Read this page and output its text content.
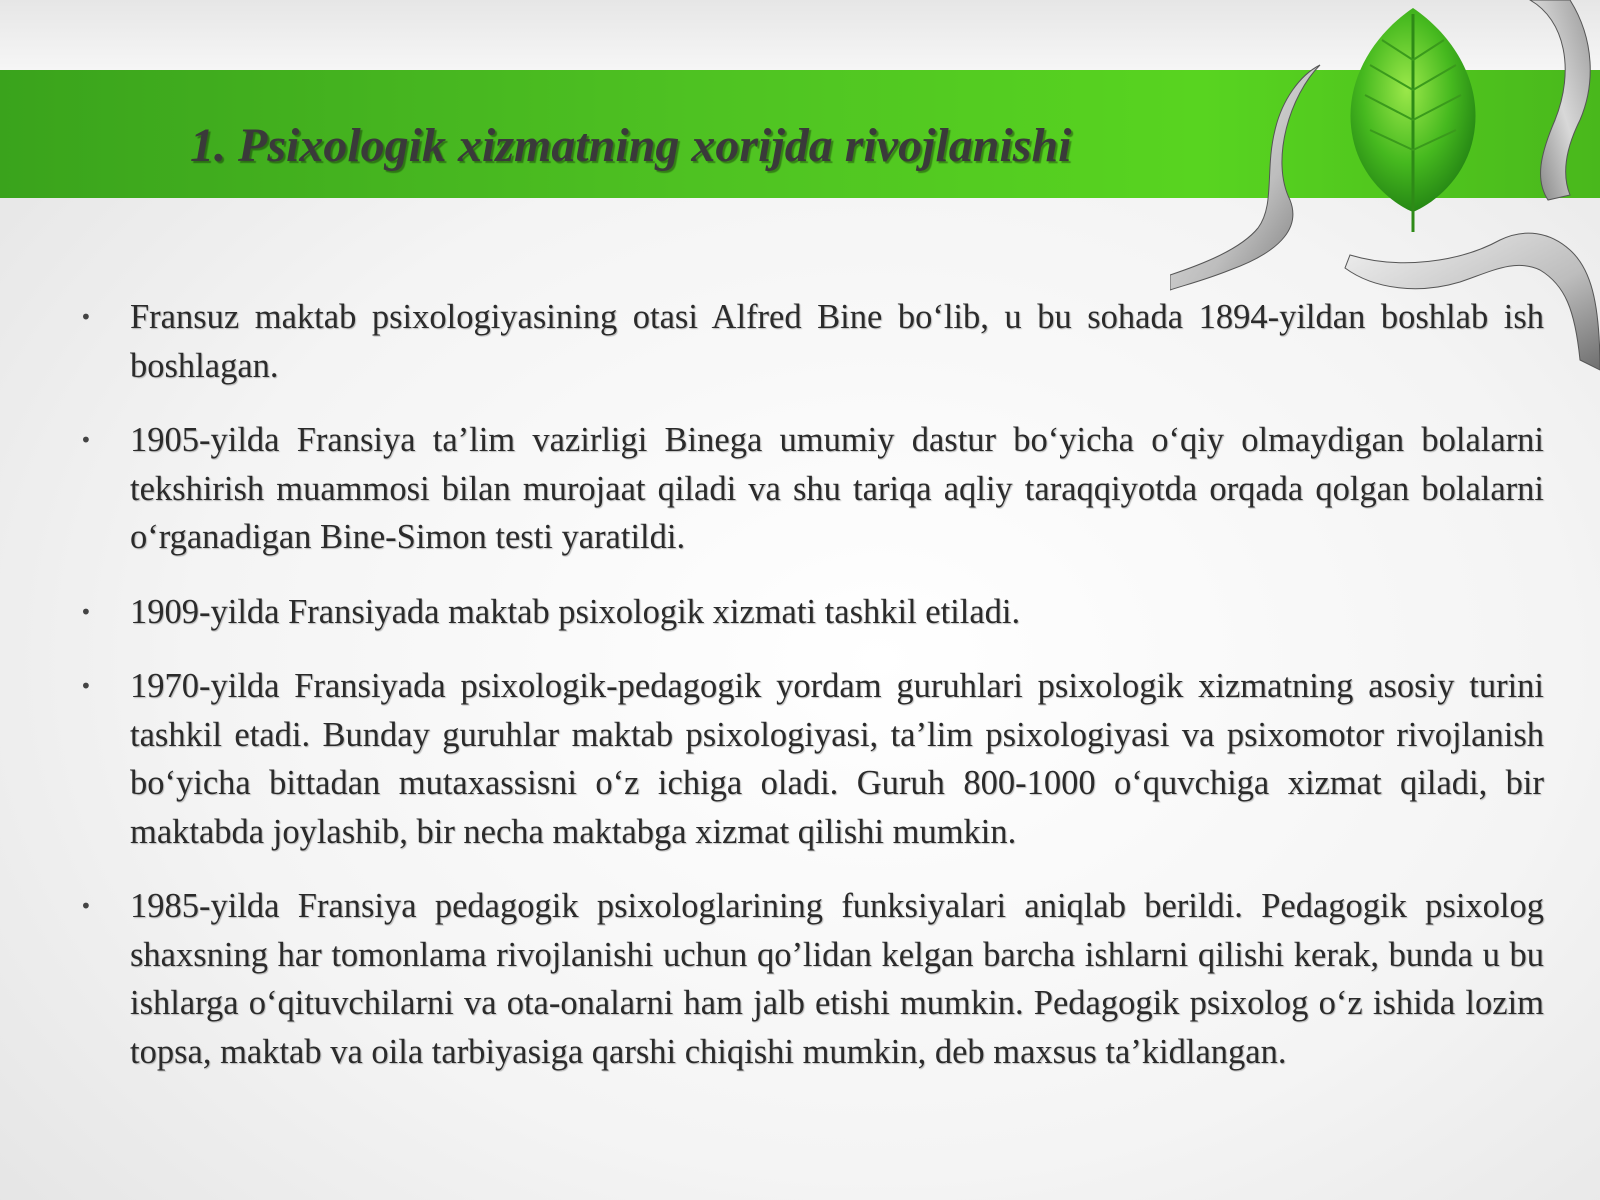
1. Psixologik xizmatning xorijda rivojlanishi
•	Fransuz maktab psixologiyasining otasi Alfred Bine bo‘lib, u bu sohada 1894-yildan boshlab ish boshlagan.
•	1905-yilda Fransiya ta’lim vazirligi Binega umumiy dastur bo‘yicha o‘qiy olmaydigan bolalarni tekshirish muammosi bilan murojaat qiladi va shu tariqa aqliy taraqqiyotda orqada qolgan bolalarni o‘rganadigan Bine-Simon testi yaratildi.
•	1909-yilda Fransiyada maktab psixologik xizmati tashkil etiladi.
•	1970-yilda Fransiyada psixologik-pedagogik yordam guruhlari psixologik xizmatning asosiy turini tashkil etadi. Bunday guruhlar maktab psixologiyasi, ta’lim psixologiyasi va psixomotor rivojlanish bo‘yicha bittadan mutaxassisni o‘z ichiga oladi. Guruh 800-1000 o‘quvchiga xizmat qiladi, bir maktabda joylashib, bir necha maktabga xizmat qilishi mumkin.
•	1985-yilda Fransiya pedagogik psixologlarining funksiyalari aniqlab berildi. Pedagogik psixolog shaxsning har tomonlama rivojlanishi uchun qo’lidan kelgan barcha ishlarni qilishi kerak, bunda u bu ishlarga o‘qituvchilarni va ota-onalarni ham jalb etishi mumkin. Pedagogik psixolog o‘z ishida lozim topsa, maktab va oila tarbiyasiga qarshi chiqishi mumkin, deb maxsus ta’kidlangan.
